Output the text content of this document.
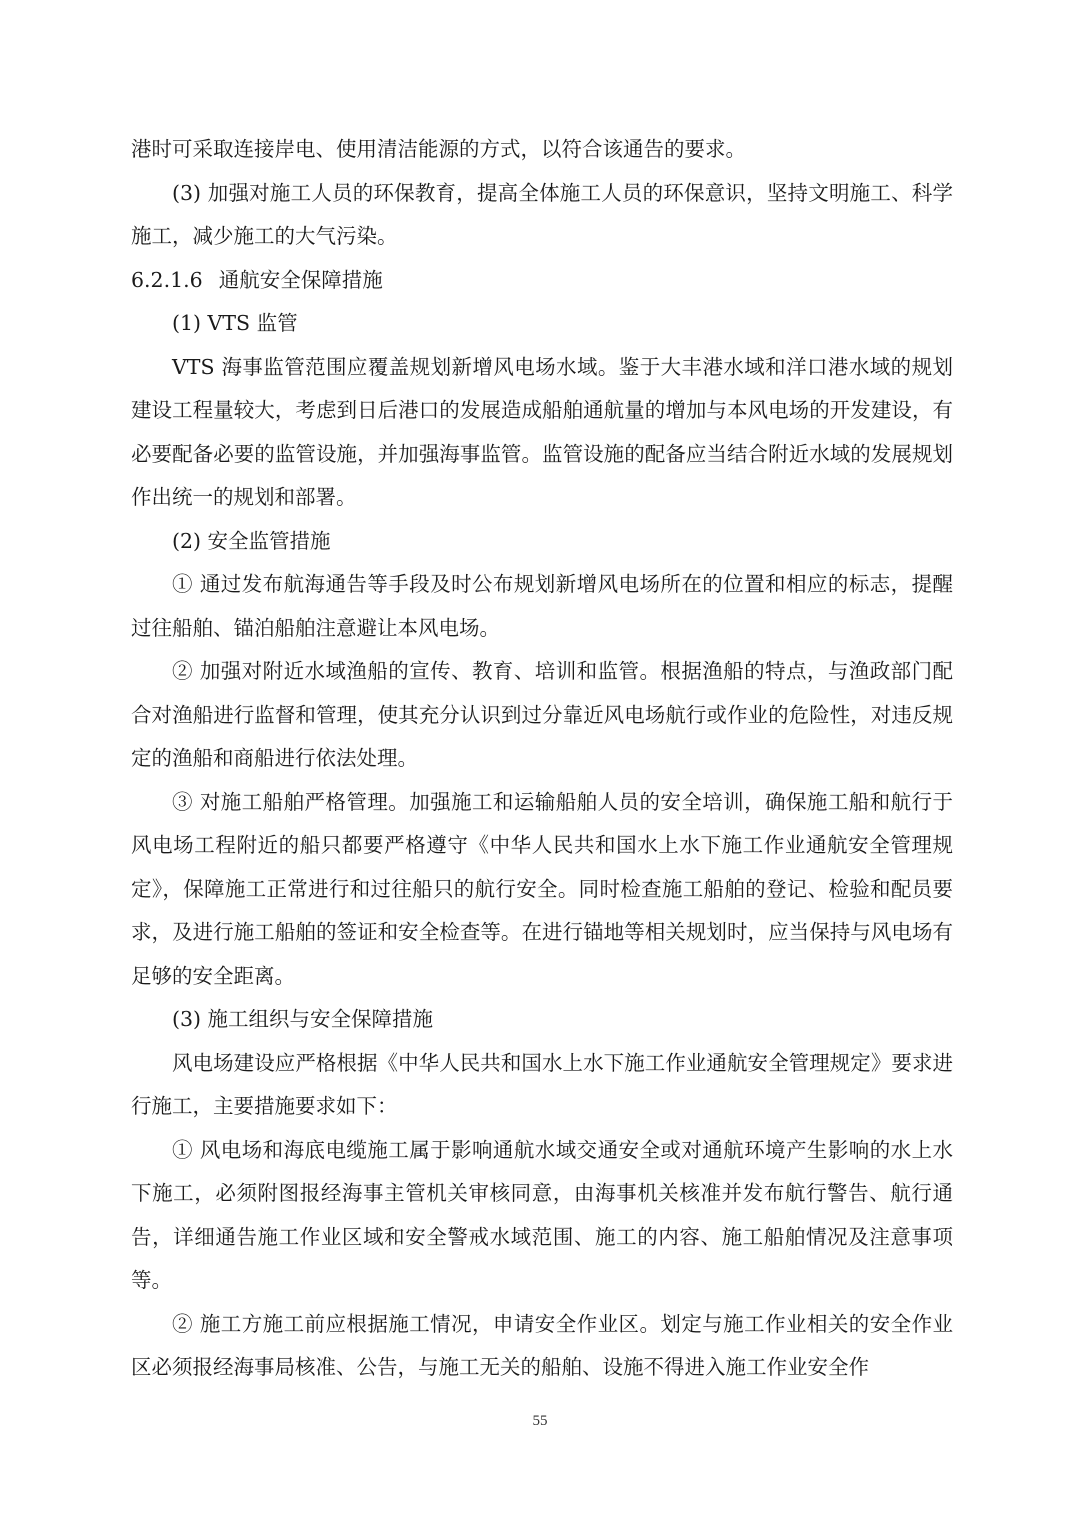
港时可采取连接岸电、使用清洁能源的方式，以符合该通告的要求。

(3) 加强对施工人员的环保教育，提高全体施工人员的环保意识，坚持文明施工、科学施工，减少施工的大气污染。

6.2.1.6 通航安全保障措施

(1) VTS 监管

VTS 海事监管范围应覆盖规划新增风电场水域。鉴于大丰港水域和洋口港水域的规划建设工程量较大，考虑到日后港口的发展造成船舶通航量的增加与本风电场的开发建设，有必要配备必要的监管设施，并加强海事监管。监管设施的配备应当结合附近水域的发展规划作出统一的规划和部署。

(2) 安全监管措施

① 通过发布航海通告等手段及时公布规划新增风电场所在的位置和相应的标志，提醒过往船舶、锚泊船舶注意避让本风电场。

② 加强对附近水域渔船的宣传、教育、培训和监管。根据渔船的特点，与渔政部门配合对渔船进行监督和管理，使其充分认识到过分靠近风电场航行或作业的危险性，对违反规定的渔船和商船进行依法处理。

③ 对施工船舶严格管理。加强施工和运输船舶人员的安全培训，确保施工船和航行于风电场工程附近的船只都要严格遵守《中华人民共和国水上水下施工作业通航安全管理规定》，保障施工正常进行和过往船只的航行安全。同时检查施工船舶的登记、检验和配员要求，及进行施工船舶的签证和安全检查等。在进行锚地等相关规划时，应当保持与风电场有足够的安全距离。

(3) 施工组织与安全保障措施

风电场建设应严格根据《中华人民共和国水上水下施工作业通航安全管理规定》要求进行施工，主要措施要求如下：

① 风电场和海底电缆施工属于影响通航水域交通安全或对通航环境产生影响的水上水下施工，必须附图报经海事主管机关审核同意，由海事机关核准并发布航行警告、航行通告，详细通告施工作业区域和安全警戒水域范围、施工的内容、施工船舶情况及注意事项等。

② 施工方施工前应根据施工情况，申请安全作业区。划定与施工作业相关的安全作业区必须报经海事局核准、公告，与施工无关的船舶、设施不得进入施工作业安全作

55
